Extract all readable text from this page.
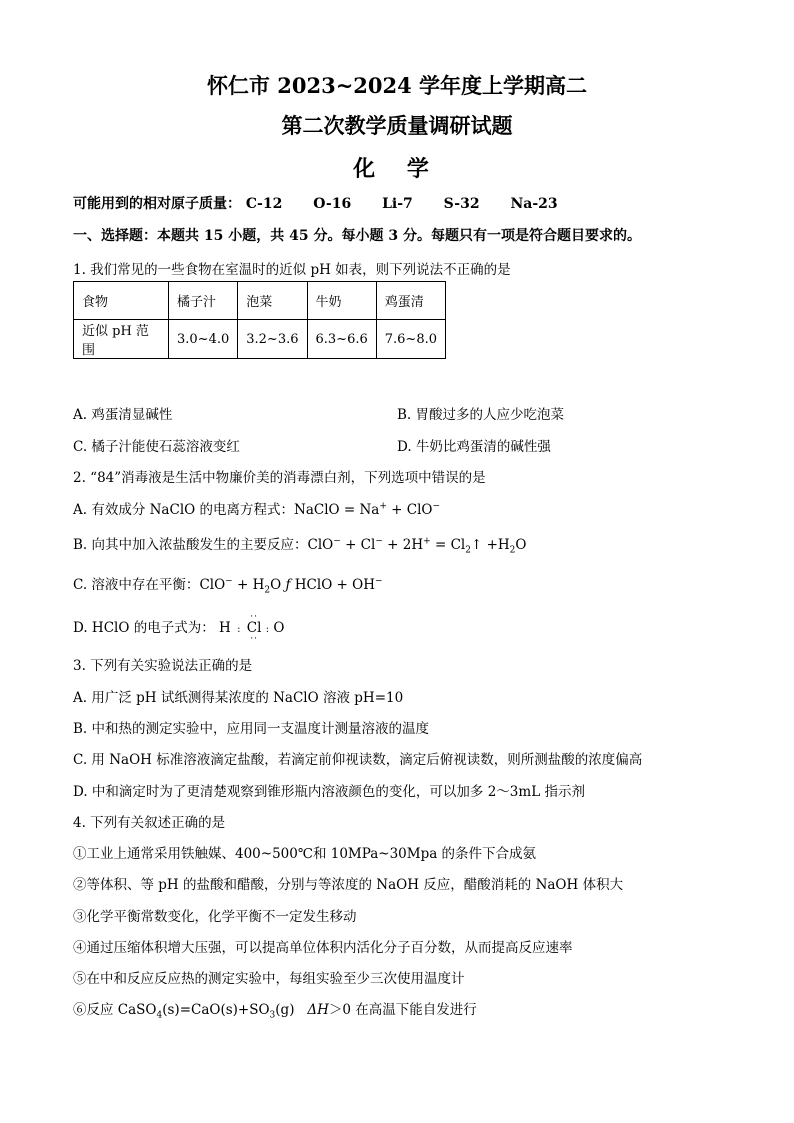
怀仁市 2023~2024 学年度上学期高二
第二次教学质量调研试题
化 学
可能用到的相对原子质量： C-12 O-16 Li-7 S-32 Na-23
一、选择题：本题共 15 小题，共 45 分。每小题 3 分。每题只有一项是符合题目要求的。
1. 我们常见的一些食物在室温时的近似 pH 如表，则下列说法不正确的是
食物	橘子汁	泡菜	牛奶	鸡蛋清
近似 pH 范围	3.0~4.0	3.2~3.6	6.3~6.6	7.6~8.0
A. 鸡蛋清显碱性	B. 胃酸过多的人应少吃泡菜
C. 橘子汁能使石蕊溶液变红	D. 牛奶比鸡蛋清的碱性强
2. “84”消毒液是生活中物廉价美的消毒漂白剂，下列选项中错误的是
A. 有效成分 NaClO 的电离方程式：NaClO = Na+ + ClO−
B. 向其中加入浓盐酸发生的主要反应：$ClO^- + Cl^- + 2H^+ = Cl_2↑ +H_2O$
C. 溶液中存在平衡：$ClO^- + H_2O$ ƒ HClO + OH−
D. HClO 的电子式为： H  : 
··
Cl
··
: O
3. 下列有关实验说法正确的是
A. 用广泛 pH 试纸测得某浓度的 NaClO 溶液 pH=10
B. 中和热的测定实验中，应用同一支温度计测量溶液的温度
C. 用 NaOH 标准溶液滴定盐酸，若滴定前仰视读数，滴定后俯视读数，则所测盐酸的浓度偏高
D. 中和滴定时为了更清楚观察到锥形瓶内溶液颜色的变化，可以加多 2～3mL 指示剂
4. 下列有关叙述正确的是
①工业上通常采用铁触媒、400~500℃和 10MPa~30Mpa 的条件下合成氨
②等体积、等 pH 的盐酸和醋酸，分别与等浓度的 NaOH 反应，醋酸消耗的 NaOH 体积大
③化学平衡常数变化，化学平衡不一定发生移动
④通过压缩体积增大压强，可以提高单位体积内活化分子百分数，从而提高反应速率
⑤在中和反应反应热的测定实验中，每组实验至少三次使用温度计
⑥反应 $CaSO_4(s)=CaO(s)+SO_3(g)$   ΔH＞0 在高温下能自发进行
